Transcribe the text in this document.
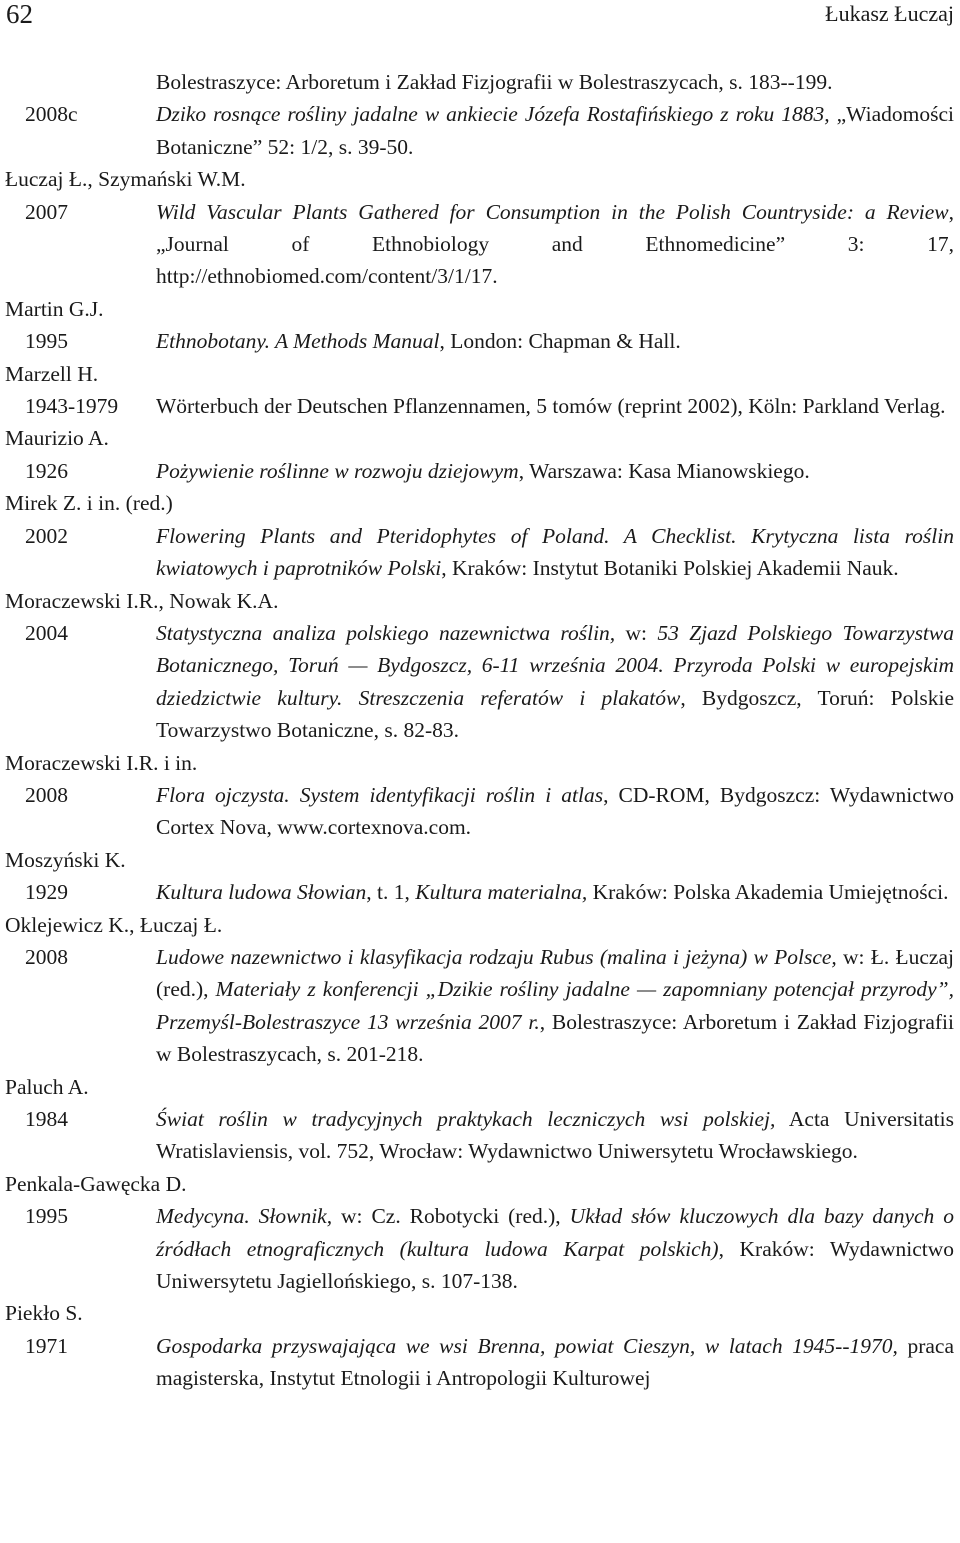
62	Łukasz Łuczaj
Bolestraszyce: Arboretum i Zakład Fizjografii w Bolestraszycach, s. 183--199.
2008c	Dziko rosnące rośliny jadalne w ankiecie Józefa Rostafińskiego z roku 1883, „Wiadomości Botaniczne” 52: 1/2, s. 39-50.
Łuczaj Ł., Szymański W.M.
2007	Wild Vascular Plants Gathered for Consumption in the Polish Countryside: a Review, „Journal of Ethnobiology and Ethnomedicine” 3: 17, http://ethnobiomed.com/content/3/1/17.
Martin G.J.
1995	Ethnobotany. A Methods Manual, London: Chapman & Hall.
Marzell H.
1943-1979 Wörterbuch der Deutschen Pflanzennamen, 5 tomów (reprint 2002), Köln: Parkland Verlag.
Maurizio A.
1926	Pożywienie roślinne w rozwoju dziejowym, Warszawa: Kasa Mianowskiego.
Mirek Z. i in. (red.)
2002	Flowering Plants and Pteridophytes of Poland. A Checklist. Krytyczna lista roślin kwiatowych i paprotników Polski, Kraków: Instytut Botaniki Polskiej Akademii Nauk.
Moraczewski I.R., Nowak K.A.
2004	Statystyczna analiza polskiego nazewnictwa roślin, w: 53 Zjazd Polskiego Towarzystwa Botanicznego, Toruń — Bydgoszcz, 6-11 września 2004. Przyroda Polski w europejskim dziedzictwie kultury. Streszczenia referatów i plakatów, Bydgoszcz, Toruń: Polskie Towarzystwo Botaniczne, s. 82-83.
Moraczewski I.R. i in.
2008	Flora ojczysta. System identyfikacji roślin i atlas, CD-ROM, Bydgoszcz: Wydawnictwo Cortex Nova, www.cortexnova.com.
Moszyński K.
1929	Kultura ludowa Słowian, t. 1, Kultura materialna, Kraków: Polska Akademia Umiejętności.
Oklejewicz K., Łuczaj Ł.
2008	Ludowe nazewnictwo i klasyfikacja rodzaju Rubus (malina i jeżyna) w Polsce, w: Ł. Łuczaj (red.), Materiały z konferencji „Dzikie rośliny jadalne — zapomniany potencjał przyrody”, Przemyśl-Bolestraszyce 13 września 2007 r., Bolestraszyce: Arboretum i Zakład Fizjografii w Bolestraszycach, s. 201-218.
Paluch A.
1984	Świat roślin w tradycyjnych praktykach leczniczych wsi polskiej, Acta Universitatis Wratislaviensis, vol. 752, Wrocław: Wydawnictwo Uniwersytetu Wrocławskiego.
Penkala-Gawęcka D.
1995	Medycyna. Słownik, w: Cz. Robotycki (red.), Układ słów kluczowych dla bazy danych o źródłach etnograficznych (kultura ludowa Karpat polskich), Kraków: Wydawnictwo Uniwersytetu Jagiellońskiego, s. 107-138.
Piekło S.
1971	Gospodarka przyswajająca we wsi Brenna, powiat Cieszyn, w latach 1945--1970, praca magisterska, Instytut Etnologii i Antropologii Kulturowej
